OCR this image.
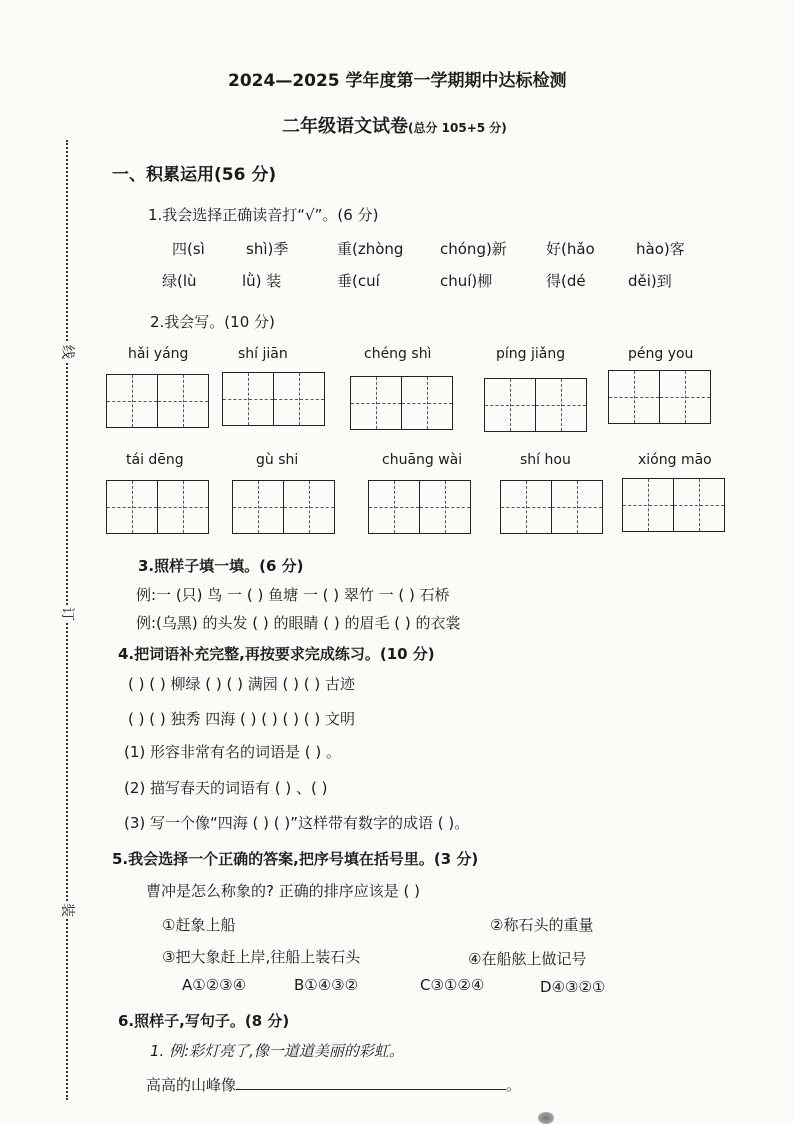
线
订
装
2024—2025 学年度第一学期期中达标检测
二年级语文试卷(总分 105+5 分)
一、积累运用(56 分)
1.我会选择正确读音打“√”。(6 分)
四(sì	shì)季	重(zhòng chóng)新	好(hǎo	hào)客
绿(lù	lǜ) 装	垂(cuí	chuí)柳	得(dé	děi)到
2.我会写。(10 分)
hǎi yáng	shí jiān	chéng shì	píng jiǎng	péng you
tái dēng	gù shi	chuāng wài	shí hou	xióng māo
3.照样子填一填。(6 分)
例:一 (只) 鸟 一 ( ) 鱼塘 一 ( ) 翠竹 一 ( ) 石桥
例:(乌黑) 的头发 ( ) 的眼睛 ( ) 的眉毛 ( ) 的衣裳
4.把词语补充完整,再按要求完成练习。(10 分)
( ) ( ) 柳绿 ( ) ( ) 满园 ( ) ( ) 古迹
( ) ( ) 独秀 四海 ( ) ( ) ( ) ( ) 文明
(1) 形容非常有名的词语是 ( ) 。
(2) 描写春天的词语有 ( ) 、( )
(3) 写一个像“四海 ( ) ( )”这样带有数字的成语 ( )。
5.我会选择一个正确的答案,把序号填在括号里。(3 分)
曹冲是怎么称象的? 正确的排序应该是 ( )
①赶象上船	②称石头的重量
③把大象赶上岸,往船上装石头	④在船舷上做记号
A①②③④	B①④③②	C③①②④	D④③②①
6.照样子,写句子。(8 分)
1. 例:彩灯亮了,像一道道美丽的彩虹。
高高的山峰像	。
